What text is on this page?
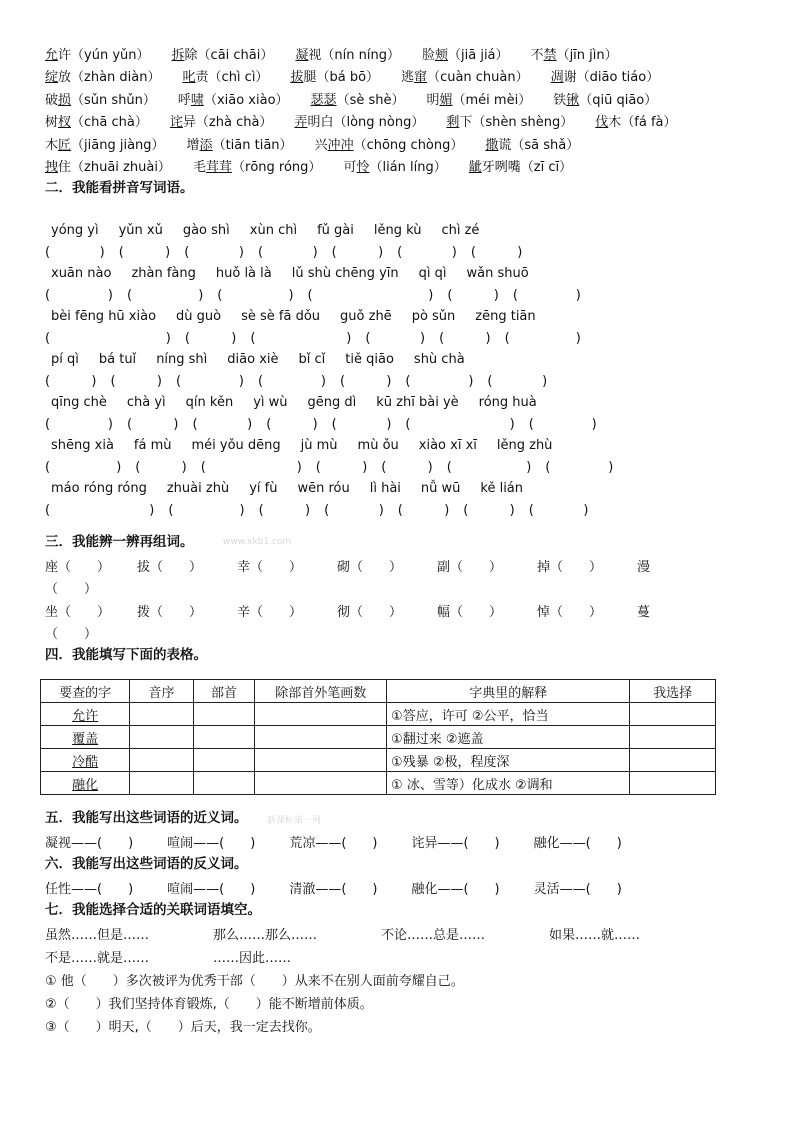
允许（yún yǔn） 拆除（cāi chāi） 凝视（nín níng） 脸颊（jiā jiá） 不禁（jīn jìn）
绽放（zhàn diàn） 叱责（chì cì） 拔腿（bá bō） 逃窜（cuàn chuàn） 凋谢（diāo tiáo）
破损（sǔn shǔn） 呼啸（xiāo xiào） 瑟瑟（sè shè） 明媚（méi mèi） 铁锹（qiū qiāo）
树杈（chā chà） 诧异（zhà chà） 弄明白（lòng nòng） 剩下（shèn shèng） 伐木（fá fà）
木匠（jiāng jiàng） 增添（tiān tiān） 兴冲冲（chōng chòng） 撒谎（sā shǎ）
拽住（zhuāi zhuài） 毛茸茸（rōng róng） 可怜（lián líng） 龇牙咧嘴（zī cī）
二．我能看拼音写词语。
yóng yì yǔn xǔ gào shì xùn chì fǔ gài lěng kù chì zé
(            ) (          ) (            ) (            ) (          ) (            ) (          )
xuān nào zhàn fàng huǒ là là lǔ shù chēng yīn qì qì wǎn shuō
(              ) (                ) (                ) (                            ) (          ) (              )
bèi fēng hū xiào dù guò sè sè fā dǒu guǒ zhē pò sǔn zēng tiān
(                            ) (          ) (                      ) (            ) (          ) (                )
pí qì bá tuǐ níng shì diāo xiè bǐ cǐ tiě qiāo shù chà
(          ) (          ) (              ) (              ) (          ) (              ) (            )
qīng chè chà yì qín kěn yì wù gēng dì kū zhī bài yè róng huà
(              ) (          ) (            ) (          ) (            ) (                        ) (              )
shēng xià fá mù méi yǒu dēng jù mù mù ǒu xiào xī xī lěng zhù
(                ) (          ) (                      ) (          ) (          ) (                  ) (              )
máo róng róng zhuài zhù yí fù wēn róu lì hài nǚ wū kě lián
(                        ) (                ) (          ) (            ) (          ) (          ) (            )
三．我能辨一辨再组词。	www.xkb1.com
座（　　）	拔（　　）	幸（　　）	砌（　　）	副（　　）	掉（　　）	漫
（　　）
坐（　　）	拨（　　）	辛（　　）	彻（　　）	幅（　　）	悼（　　）	蔓
（　　）
四．我能填写下面的表格。
要查的字	音序	部首	除部首外笔画数	字典里的解释	我选择
允许				①答应，许可 ②公平，恰当	
覆盖				①翻过来 ②遮盖	
冷酷				①残暴 ②极，程度深	
融化				① 冰、雪等）化成水 ②调和	
五．我能写出这些词语的近义词。	新课标第一网
凝视——(　　)	喧闹——(　　)	荒凉——(　　)	诧异——(　　)	融化——(　　)
六．我能写出这些词语的反义词。
任性——(　　)	喧闹——(　　)	清澈——(　　)	融化——(　　)	灵活——(　　)
七．我能选择合适的关联词语填空。
虽然……但是……	那么……那么……	不论……总是……	如果……就……
不是……就是……	……因此……
① 他（　　）多次被评为优秀干部（　　）从来不在别人面前夸耀自己。
②（　　）我们坚持体育锻炼,（　　）能不断增前体质。
③（　　）明天,（　　）后天，我一定去找你。
